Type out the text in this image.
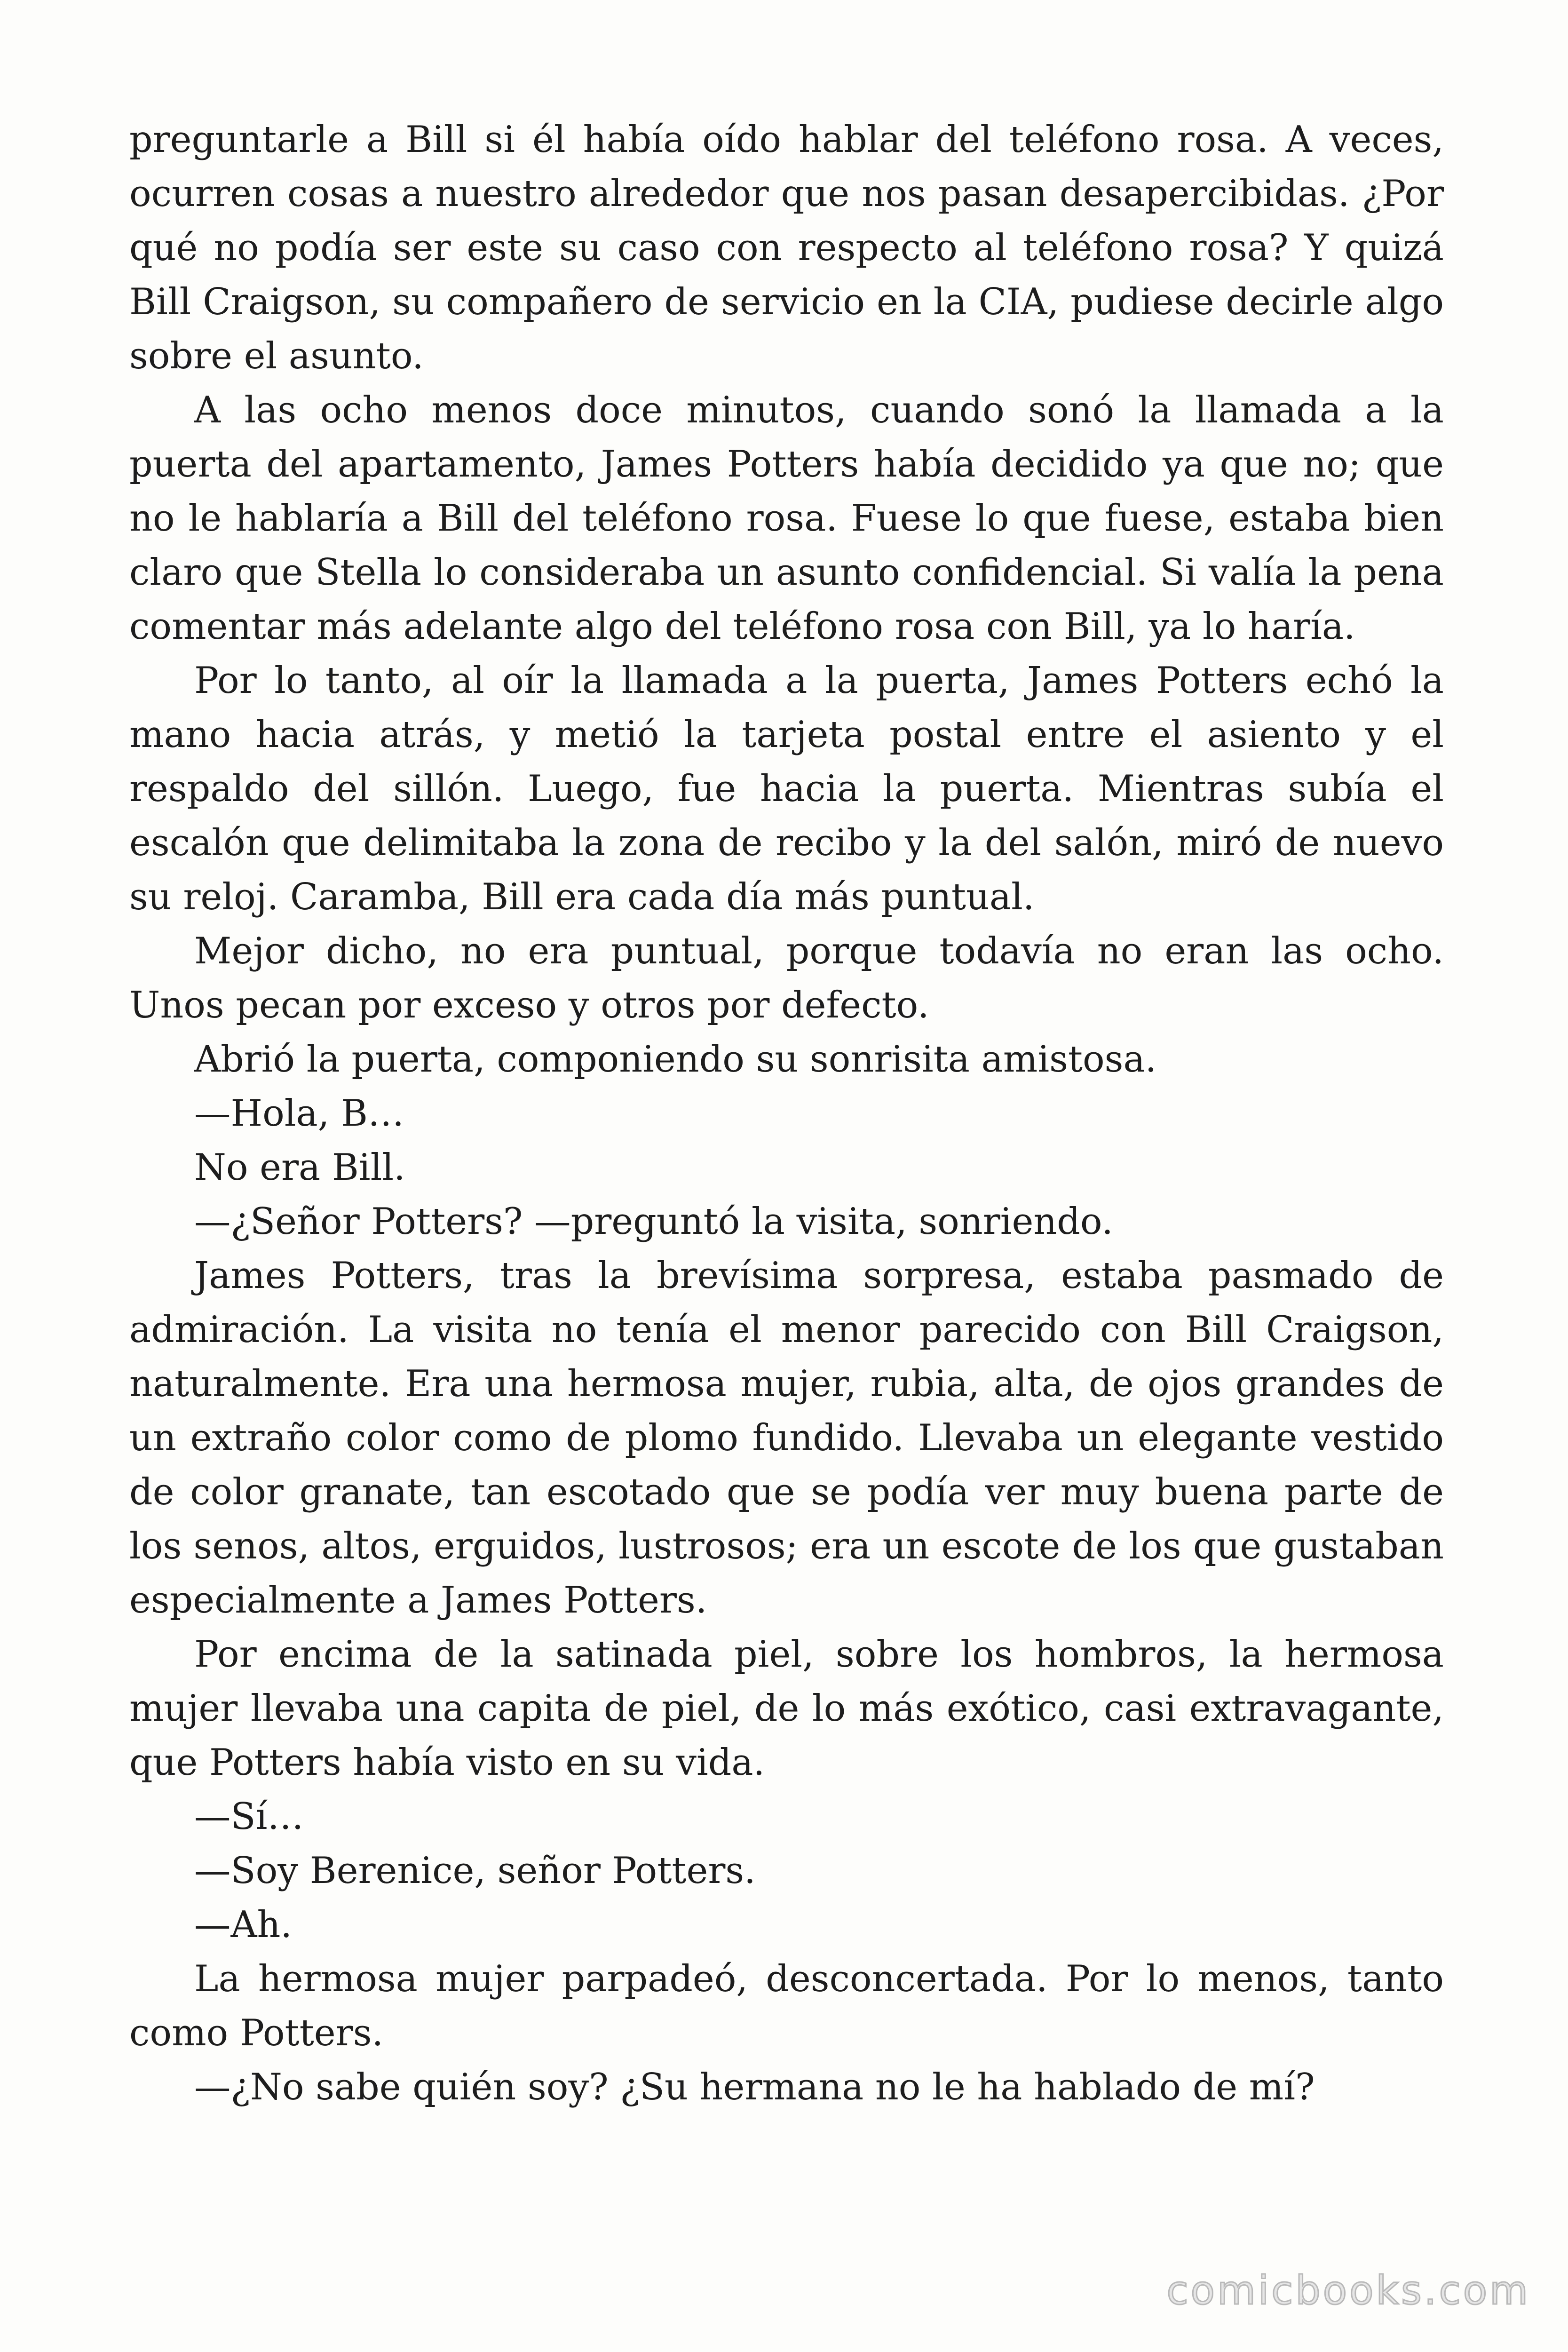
preguntarle a Bill si él había oído hablar del teléfono rosa. A veces, ocurren cosas a nuestro alrededor que nos pasan desapercibidas. ¿Por qué no podía ser este su caso con respecto al teléfono rosa? Y quizá Bill Craigson, su compañero de servicio en la CIA, pudiese decirle algo sobre el asunto.

A las ocho menos doce minutos, cuando sonó la llamada a la puerta del apartamento, James Potters había decidido ya que no; que no le hablaría a Bill del teléfono rosa. Fuese lo que fuese, estaba bien claro que Stella lo consideraba un asunto confidencial. Si valía la pena comentar más adelante algo del teléfono rosa con Bill, ya lo haría.

Por lo tanto, al oír la llamada a la puerta, James Potters echó la mano hacia atrás, y metió la tarjeta postal entre el asiento y el respaldo del sillón. Luego, fue hacia la puerta. Mientras subía el escalón que delimitaba la zona de recibo y la del salón, miró de nuevo su reloj. Caramba, Bill era cada día más puntual.

Mejor dicho, no era puntual, porque todavía no eran las ocho. Unos pecan por exceso y otros por defecto.

Abrió la puerta, componiendo su sonrisita amistosa.

—Hola, B…

No era Bill.

—¿Señor Potters? —preguntó la visita, sonriendo.

James Potters, tras la brevísima sorpresa, estaba pasmado de admiración. La visita no tenía el menor parecido con Bill Craigson, naturalmente. Era una hermosa mujer, rubia, alta, de ojos grandes de un extraño color como de plomo fundido. Llevaba un elegante vestido de color granate, tan escotado que se podía ver muy buena parte de los senos, altos, erguidos, lustrosos; era un escote de los que gustaban especialmente a James Potters.

Por encima de la satinada piel, sobre los hombros, la hermosa mujer llevaba una capita de piel, de lo más exótico, casi extravagante, que Potters había visto en su vida.

—Sí…

—Soy Berenice, señor Potters.

—Ah.

La hermosa mujer parpadeó, desconcertada. Por lo menos, tanto como Potters.

—¿No sabe quién soy? ¿Su hermana no le ha hablado de mí?

comicbooks.com
